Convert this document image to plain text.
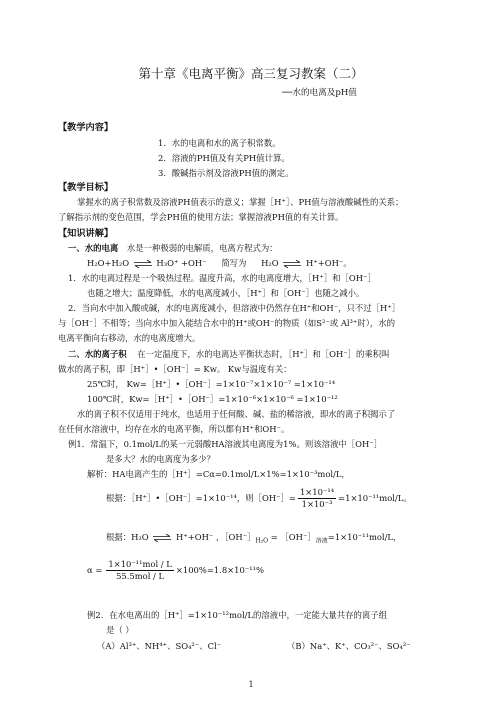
第十章《电离平衡》高三复习教案（二）
──水的电离及pH值
【教学内容】
1．水的电离和水的离子积常数。
2．溶液的PH值及有关PH值计算。
3．酸碱指示剂及溶液PH值的测定。
【教学目标】
掌握水的离子积常数及溶液PH值表示的意义；掌握［H⁺］、PH值与溶液酸碱性的关系；
了解指示剂的变色范围，学会PH值的使用方法；掌握溶液PH值的有关计算。
【知识讲解】
一、水的电离 水是一种极弱的电解质，电离方程式为：
H₂O+H₂O ⇌ H₃O⁺ +OH⁻ 简写为 H₂O ⇌ H⁺+OH⁻。
1．水的电离过程是一个吸热过程。温度升高，水的电离度增大，［H⁺］和［OH⁻］
也随之增大；温度降低，水的电离度减小，［H⁺］和［OH⁻］也随之减小。
2．当向水中加入酸或碱，水的电离度减小，但溶液中仍然存在H⁺和OH⁻，只不过［H⁺］
与［OH⁻］不相等；当向水中加入能结合水中的H⁺或OH⁻的物质（如S²⁻或 Al³⁺时），水的
电离平衡向右移动，水的电离度增大。
二、水的离子积 在一定温度下，水的电离达平衡状态时，［H⁺］和［OH⁻］的乘积叫
做水的离子积，即［H⁺］•［OH⁻］= Kw。 Kw与温度有关：
25℃时， Kw=［H⁺］•［OH⁻］=1×10⁻⁷×1×10⁻⁷ =1×10⁻¹⁴
100℃时，Kw=［H⁺］•［OH⁻］=1×10⁻⁶×1×10⁻⁶ =1×10⁻¹²
水的离子积不仅适用于纯水，也适用于任何酸、碱、盐的稀溶液，即水的离子积揭示了
在任何水溶液中，均存在水的电离平衡，所以都有H⁺和OH⁻。
例1．常温下，0.1mol/L的某一元弱酸HA溶液其电离度为1%。则该溶液中［OH⁻］
是多大？水的电离度为多少？
解析：HA电离产生的［H⁺］=Cα=0.1mol/L×1%=1×10⁻³mol/L，
根据：［H⁺］•［OH⁻］=1×10⁻¹⁴，则［OH⁻］= $\frac{\text{1×10⁻¹⁴}}{\text{1×10⁻³}} =1\times 10^{-11}mol/L$。
根据：H₂O ⇌ H⁺+OH⁻ ，$[OH^-]_{H_2O}$ = $[OH^-]_{溶液}=1\times 10^{-11}mol/L$，
$\alpha = \frac{\text{1×10⁻¹¹mol / L}}{\text{55.5mol / L}} \times 100\%=1.8\times 10^{-11}\%$
例2．在水电离出的［H⁺］=1×10⁻¹²mol/L的溶液中，一定能大量共存的离子组
是（ ）
（A）Al³⁺、NH⁴⁺、SO₄²⁻、Cl⁻	（B）Na⁺、K⁺、CO₃²⁻、SO₄²⁻
1
